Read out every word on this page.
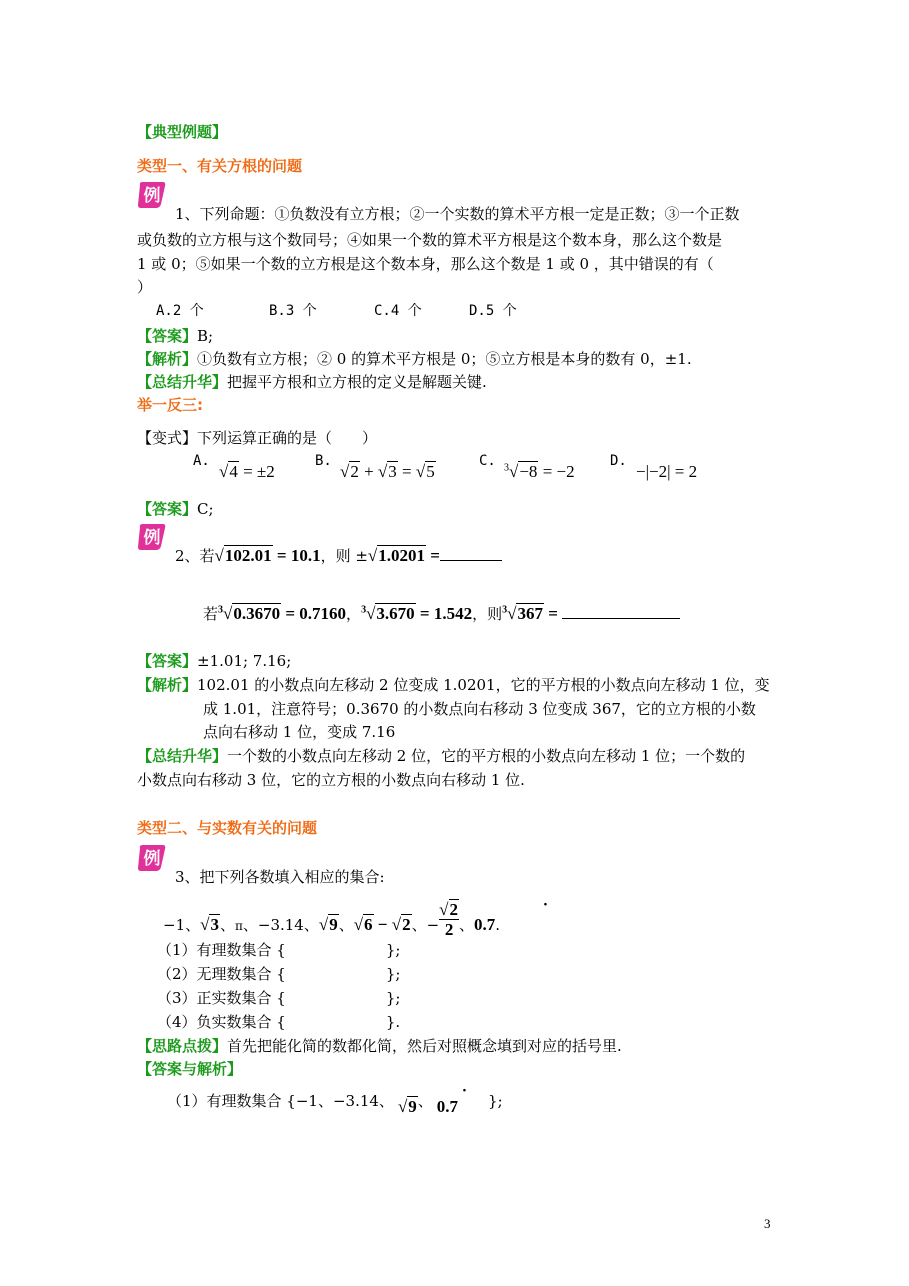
【典型例题】
类型一、有关方根的问题
例
1、下列命题：①负数没有立方根；②一个实数的算术平方根一定是正数；③一个正数
或负数的立方根与这个数同号；④如果一个数的算术平方根是这个数本身，那么这个数是
1 或 0；⑤如果一个数的立方根是这个数本身，那么这个数是 1 或 0 ，其中错误的有（
）
A.2 个	B.3 个	C.4 个	D.5 个
【答案】B;
【解析】①负数有立方根；② 0 的算术平方根是 0；⑤立方根是本身的数有 0，±1.
【总结升华】把握平方根和立方根的定义是解题关键.
举一反三:
【变式】下列运算正确的是（　　）
A.
√4 = ±2
B.
√2 + √3 = √5
C. $^3$√−8 = −2
D.
−|−2| = 2
【答案】C;
例
2、若√102.01 = 10.1，则 ±√1.0201 =
若$^3$√0.3670 = 0.7160，$^3$√3.670 = 1.542，则$^3$√367 =
【答案】±1.01; 7.16;
【解析】102.01 的小数点向左移动 2 位变成 1.0201，它的平方根的小数点向左移动 1 位，变
成 1.01，注意符号；0.3670 的小数点向右移动 3 位变成 367，它的立方根的小数
点向右移动 1 位，变成 7.16
【总结升华】一个数的小数点向左移动 2 位，它的平方根的小数点向左移动 1 位；一个数的
小数点向右移动 3 位，它的立方根的小数点向右移动 1 位.
类型二、与实数有关的问题
例
3、把下列各数填入相应的集合:
−1、√3、$_\pi$、−3.14、√9、√6 − √2、− $\frac{√2}{2}$ 、0.7.
·
（1）有理数集合 {	};
（2）无理数集合 {	};
（3）正实数集合 {	};
（4）负实数集合 {	}.
【思路点拨】首先把能化简的数都化简，然后对照概念填到对应的括号里.
【答案与解析】
（1）有理数集合 {−1、−3.14、 √9、 0.7 };
·
3
